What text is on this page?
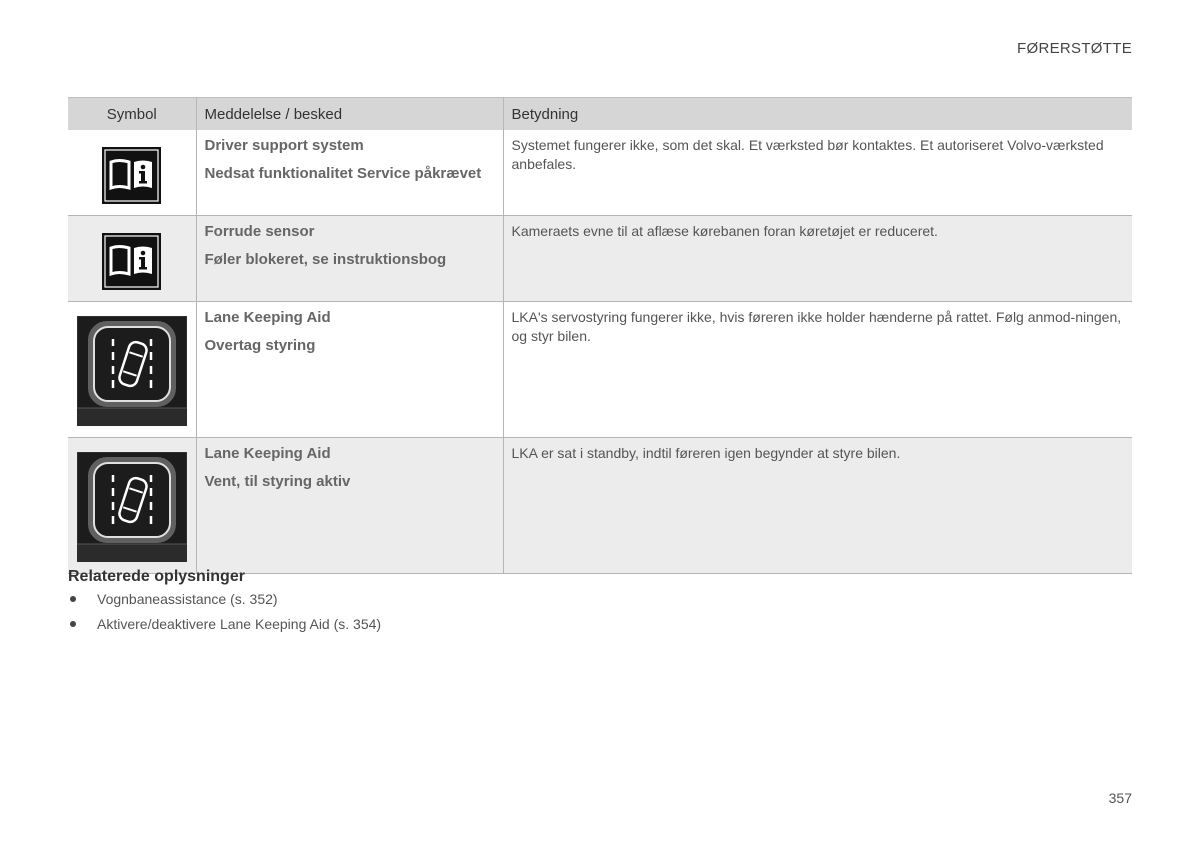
FØRERSTØTTE
Symbol	Meddelelse / besked	Betydning

Driver support system
Nedsat funktionalitet Service påkrævet	Systemet fungerer ikke, som det skal. Et værksted bør kontaktes. Et autoriseret Volvo-værksted anbefales.

Forrude sensor
Føler blokeret, se instruktionsbog	Kameraets evne til at aflæse kørebanen foran køretøjet er reduceret.

Lane Keeping Aid
Overtag styring	LKA's servostyring fungerer ikke, hvis føreren ikke holder hænderne på rattet. Følg anmod-ningen, og styr bilen.

Lane Keeping Aid
Vent, til styring aktiv	LKA er sat i standby, indtil føreren igen begynder at styre bilen.
Relaterede oplysninger
Vognbaneassistance (s. 352)
Aktivere/deaktivere Lane Keeping Aid (s. 354)
357
